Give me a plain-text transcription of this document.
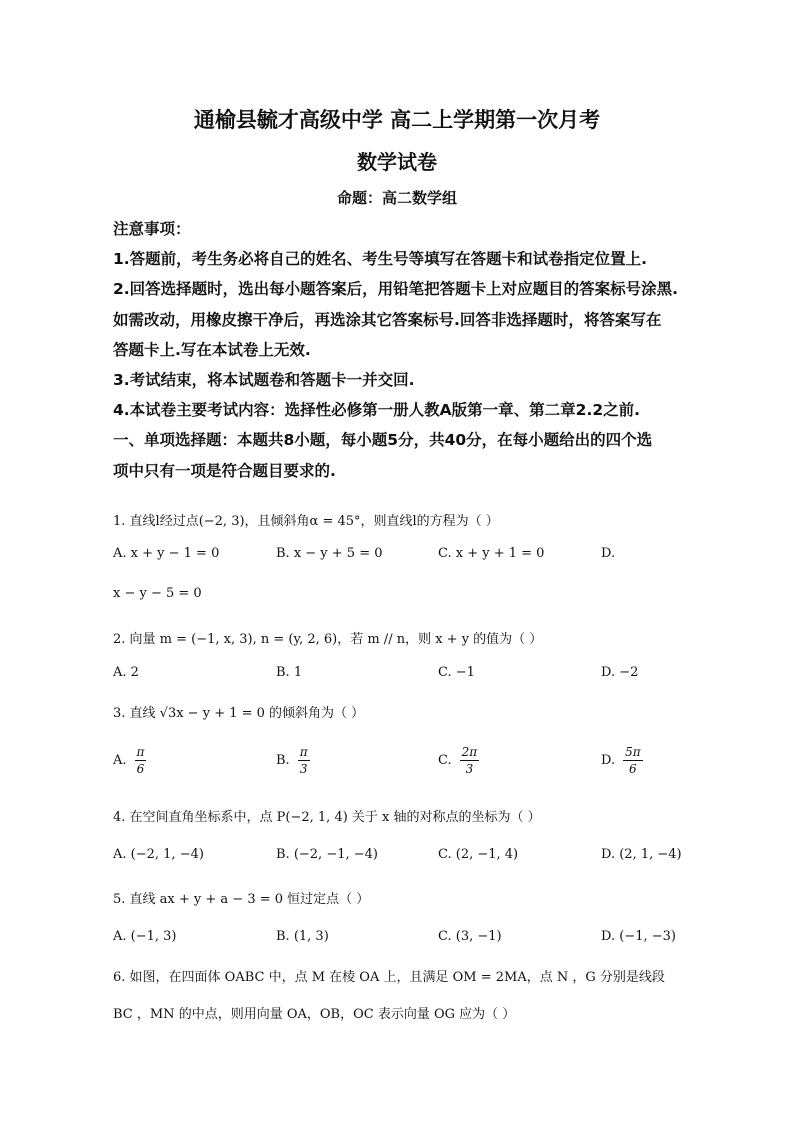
通榆县毓才高级中学 高二上学期第一次月考
数学试卷
命题：高二数学组
注意事项：
1.答题前，考生务必将自己的姓名、考生号等填写在答题卡和试卷指定位置上.
2.回答选择题时，选出每小题答案后，用铅笔把答题卡上对应题目的答案标号涂黑.
如需改动，用橡皮擦干净后，再选涂其它答案标号.回答非选择题时，将答案写在
答题卡上.写在本试卷上无效.
3.考试结束，将本试题卷和答题卡一并交回.
4.本试卷主要考试内容：选择性必修第一册人教A版第一章、第二章2.2之前.
一、单项选择题：本题共8小题，每小题5分，共40分，在每小题给出的四个选
项中只有一项是符合题目要求的.
1. 直线l经过点(−2, 3)，且倾斜角α = 45°，则直线l的方程为（ ）
A. x + y − 1 = 0	B. x − y + 5 = 0	C. x + y + 1 = 0	D.
x − y − 5 = 0
2. 向量 m = (−1, x, 3), n = (y, 2, 6)，若 m // n，则 x + y 的值为（ ）
A. 2	B. 1	C. −1	D. −2
3. 直线 √3x − y + 1 = 0 的倾斜角为（ ）
A. $\frac{\pi}{6}$	B. $\frac{\pi}{3}$	C. $\frac{2\pi}{3}$	D. $\frac{5\pi}{6}$
4. 在空间直角坐标系中，点 P(−2, 1, 4) 关于 x 轴的对称点的坐标为（ ）
A. (−2, 1, −4)	B. (−2, −1, −4)	C. (2, −1, 4)	D. (2, 1, −4)
5. 直线 ax + y + a − 3 = 0 恒过定点（ ）
A. (−1, 3)	B. (1, 3)	C. (3, −1)	D. (−1, −3)
6. 如图，在四面体 OABC 中，点 M 在棱 OA 上，且满足 OM = 2MA，点 N ，G 分别是线段
BC ，MN 的中点，则用向量 OA，OB，OC 表示向量 OG 应为（ ）
